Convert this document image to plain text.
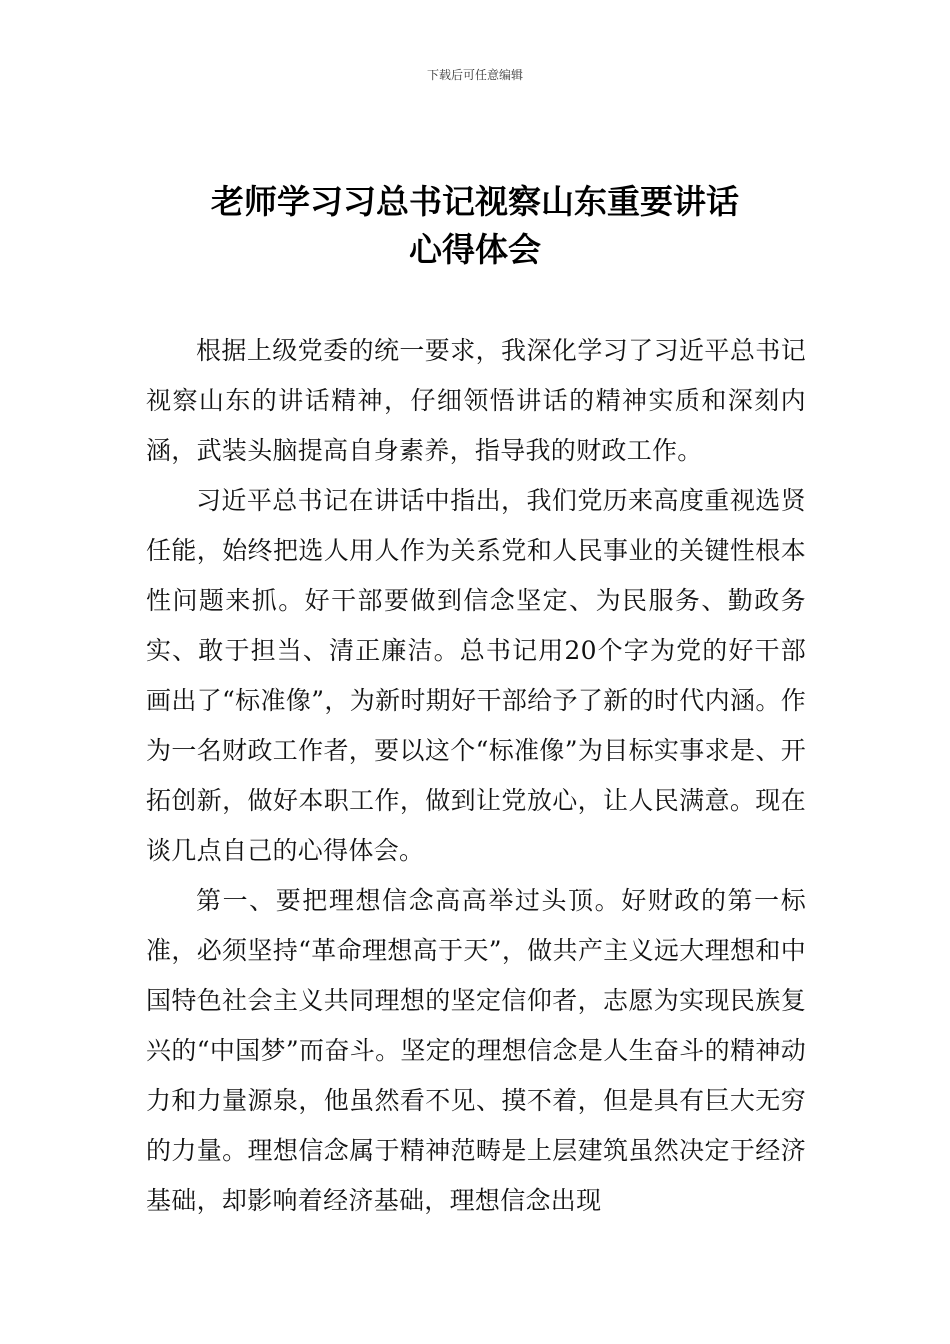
下载后可任意编辑
老师学习习总书记视察山东重要讲话
心得体会

根据上级党委的统一要求，我深化学习了习近平总书记视察山东的讲话精神，仔细领悟讲话的精神实质和深刻内涵，武装头脑提高自身素养，指导我的财政工作。

习近平总书记在讲话中指出，我们党历来高度重视选贤任能，始终把选人用人作为关系党和人民事业的关键性根本性问题来抓。好干部要做到信念坚定、为民服务、勤政务实、敢于担当、清正廉洁。总书记用20个字为党的好干部画出了“标准像”，为新时期好干部给予了新的时代内涵。作为一名财政工作者，要以这个“标准像”为目标实事求是、开拓创新，做好本职工作，做到让党放心，让人民满意。现在谈几点自己的心得体会。

第一、要把理想信念高高举过头顶。好财政的第一标准，必须坚持“革命理想高于天”，做共产主义远大理想和中国特色社会主义共同理想的坚定信仰者，志愿为实现民族复兴的“中国梦”而奋斗。坚定的理想信念是人生奋斗的精神动力和力量源泉，他虽然看不见、摸不着，但是具有巨大无穷的力量。理想信念属于精神范畴是上层建筑虽然决定于经济基础，却影响着经济基础，理想信念出现
